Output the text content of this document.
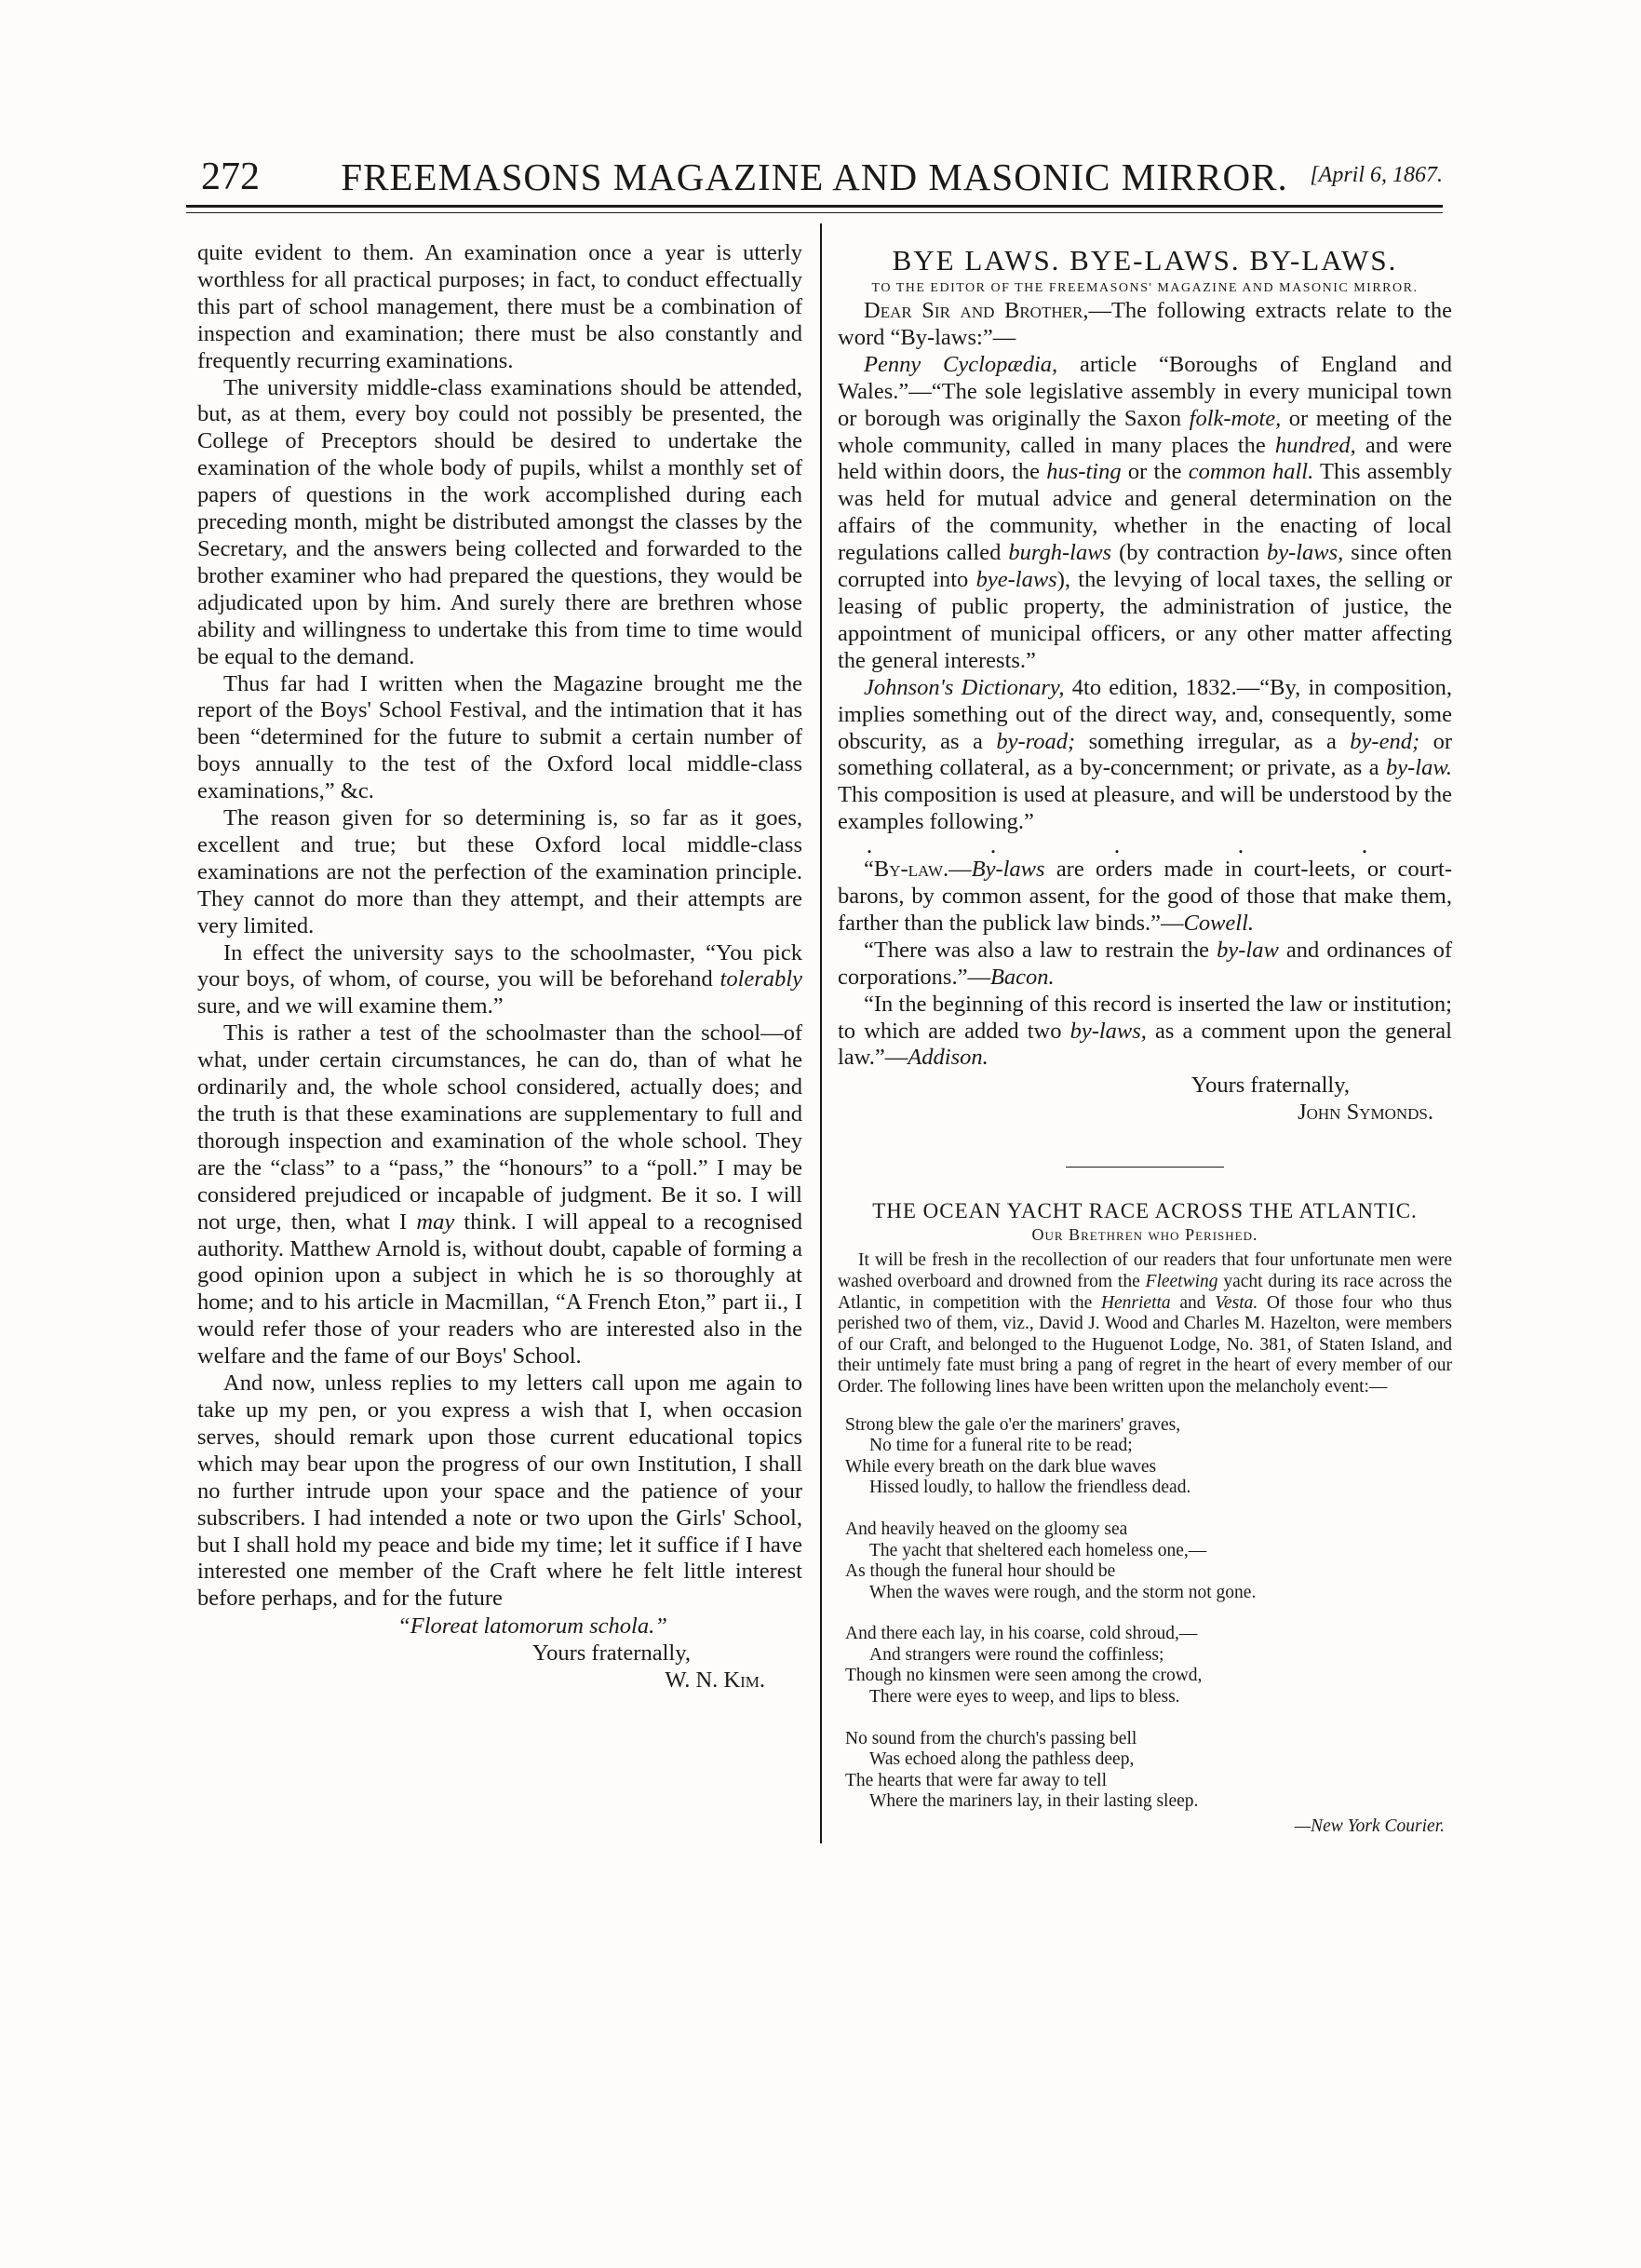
272	FREEMASONS MAGAZINE AND MASONIC MIRROR. [April 6, 1867.

quite evident to them. An examination once a year is utterly worthless for all practical purposes; in fact, to conduct effectually this part of school management, there must be a combination of inspection and examination; there must be also constantly and frequently recurring examinations.

The university middle-class examinations should be attended, but, as at them, every boy could not possibly be presented, the College of Preceptors should be desired to undertake the examination of the whole body of pupils, whilst a monthly set of papers of questions in the work accomplished during each preceding month, might be distributed amongst the classes by the Secretary, and the answers being collected and forwarded to the brother examiner who had prepared the questions, they would be adjudicated upon by him. And surely there are brethren whose ability and willingness to undertake this from time to time would be equal to the demand.

Thus far had I written when the Magazine brought me the report of the Boys' School Festival, and the intimation that it has been “determined for the future to submit a certain number of boys annually to the test of the Oxford local middle-class examinations,” &c.

The reason given for so determining is, so far as it goes, excellent and true; but these Oxford local middle-class examinations are not the perfection of the examination principle. They cannot do more than they attempt, and their attempts are very limited.

In effect the university says to the schoolmaster, “You pick your boys, of whom, of course, you will be beforehand tolerably sure, and we will examine them.”

This is rather a test of the schoolmaster than the school—of what, under certain circumstances, he can do, than of what he ordinarily and, the whole school considered, actually does; and the truth is that these examinations are supplementary to full and thorough inspection and examination of the whole school. They are the “class” to a “pass,” the “honours” to a “poll.” I may be considered prejudiced or incapable of judgment. Be it so. I will not urge, then, what I may think. I will appeal to a recognised authority. Matthew Arnold is, without doubt, capable of forming a good opinion upon a subject in which he is so thoroughly at home; and to his article in Macmillan, “A French Eton,” part ii., I would refer those of your readers who are interested also in the welfare and the fame of our Boys' School.

And now, unless replies to my letters call upon me again to take up my pen, or you express a wish that I, when occasion serves, should remark upon those current educational topics which may bear upon the progress of our own Institution, I shall no further intrude upon your space and the patience of your subscribers. I had intended a note or two upon the Girls' School, but I shall hold my peace and bide my time; let it suffice if I have interested one member of the Craft where he felt little interest before perhaps, and for the future

“Floreat latomorum schola.”
Yours fraternally,
W. N. Kim.
BYE LAWS. BYE-LAWS. BY-LAWS.
TO THE EDITOR OF THE FREEMASONS' MAGAZINE AND MASONIC MIRROR.

Dear Sir and Brother,—The following extracts relate to the word “By-laws:”—

Penny Cyclopædia, article “Boroughs of England and Wales.”—“The sole legislative assembly in every municipal town or borough was originally the Saxon folk-mote, or meeting of the whole community, called in many places the hundred, and were held within doors, the hus-ting or the common hall. This assembly was held for mutual advice and general determination on the affairs of the community, whether in the enacting of local regulations called burgh-laws (by contraction by-laws, since often corrupted into bye-laws), the levying of local taxes, the selling or leasing of public property, the administration of justice, the appointment of municipal officers, or any other matter affecting the general interests.”

Johnson's Dictionary, 4to edition, 1832.—“By, in composition, implies something out of the direct way, and, consequently, some obscurity, as a by-road; something irregular, as a by-end; or something collateral, as a by-concernment; or private, as a by-law. This composition is used at pleasure, and will be understood by the examples following.”

. . . . .

“By-law.—By-laws are orders made in court-leets, or court-barons, by common assent, for the good of those that make them, farther than the publick law binds.”—Cowell.

“There was also a law to restrain the by-law and ordinances of corporations.”—Bacon.

“In the beginning of this record is inserted the law or institution; to which are added two by-laws, as a comment upon the general law.”—Addison.

Yours fraternally,
John Symonds.
THE OCEAN YACHT RACE ACROSS THE ATLANTIC.
Our Brethren who Perished.

It will be fresh in the recollection of our readers that four unfortunate men were washed overboard and drowned from the Fleetwing yacht during its race across the Atlantic, in competition with the Henrietta and Vesta. Of those four who thus perished two of them, viz., David J. Wood and Charles M. Hazelton, were members of our Craft, and belonged to the Huguenot Lodge, No. 381, of Staten Island, and their untimely fate must bring a pang of regret in the heart of every member of our Order. The following lines have been written upon the melancholy event:—

Strong blew the gale o'er the mariners' graves,
No time for a funeral rite to be read;
While every breath on the dark blue waves
Hissed loudly, to hallow the friendless dead.
And heavily heaved on the gloomy sea
The yacht that sheltered each homeless one,—
As though the funeral hour should be
When the waves were rough, and the storm not gone.
And there each lay, in his coarse, cold shroud,—
And strangers were round the coffinless;
Though no kinsmen were seen among the crowd,
There were eyes to weep, and lips to bless.
No sound from the church's passing bell
Was echoed along the pathless deep,
The hearts that were far away to tell
Where the mariners lay, in their lasting sleep.
—New York Courier.
